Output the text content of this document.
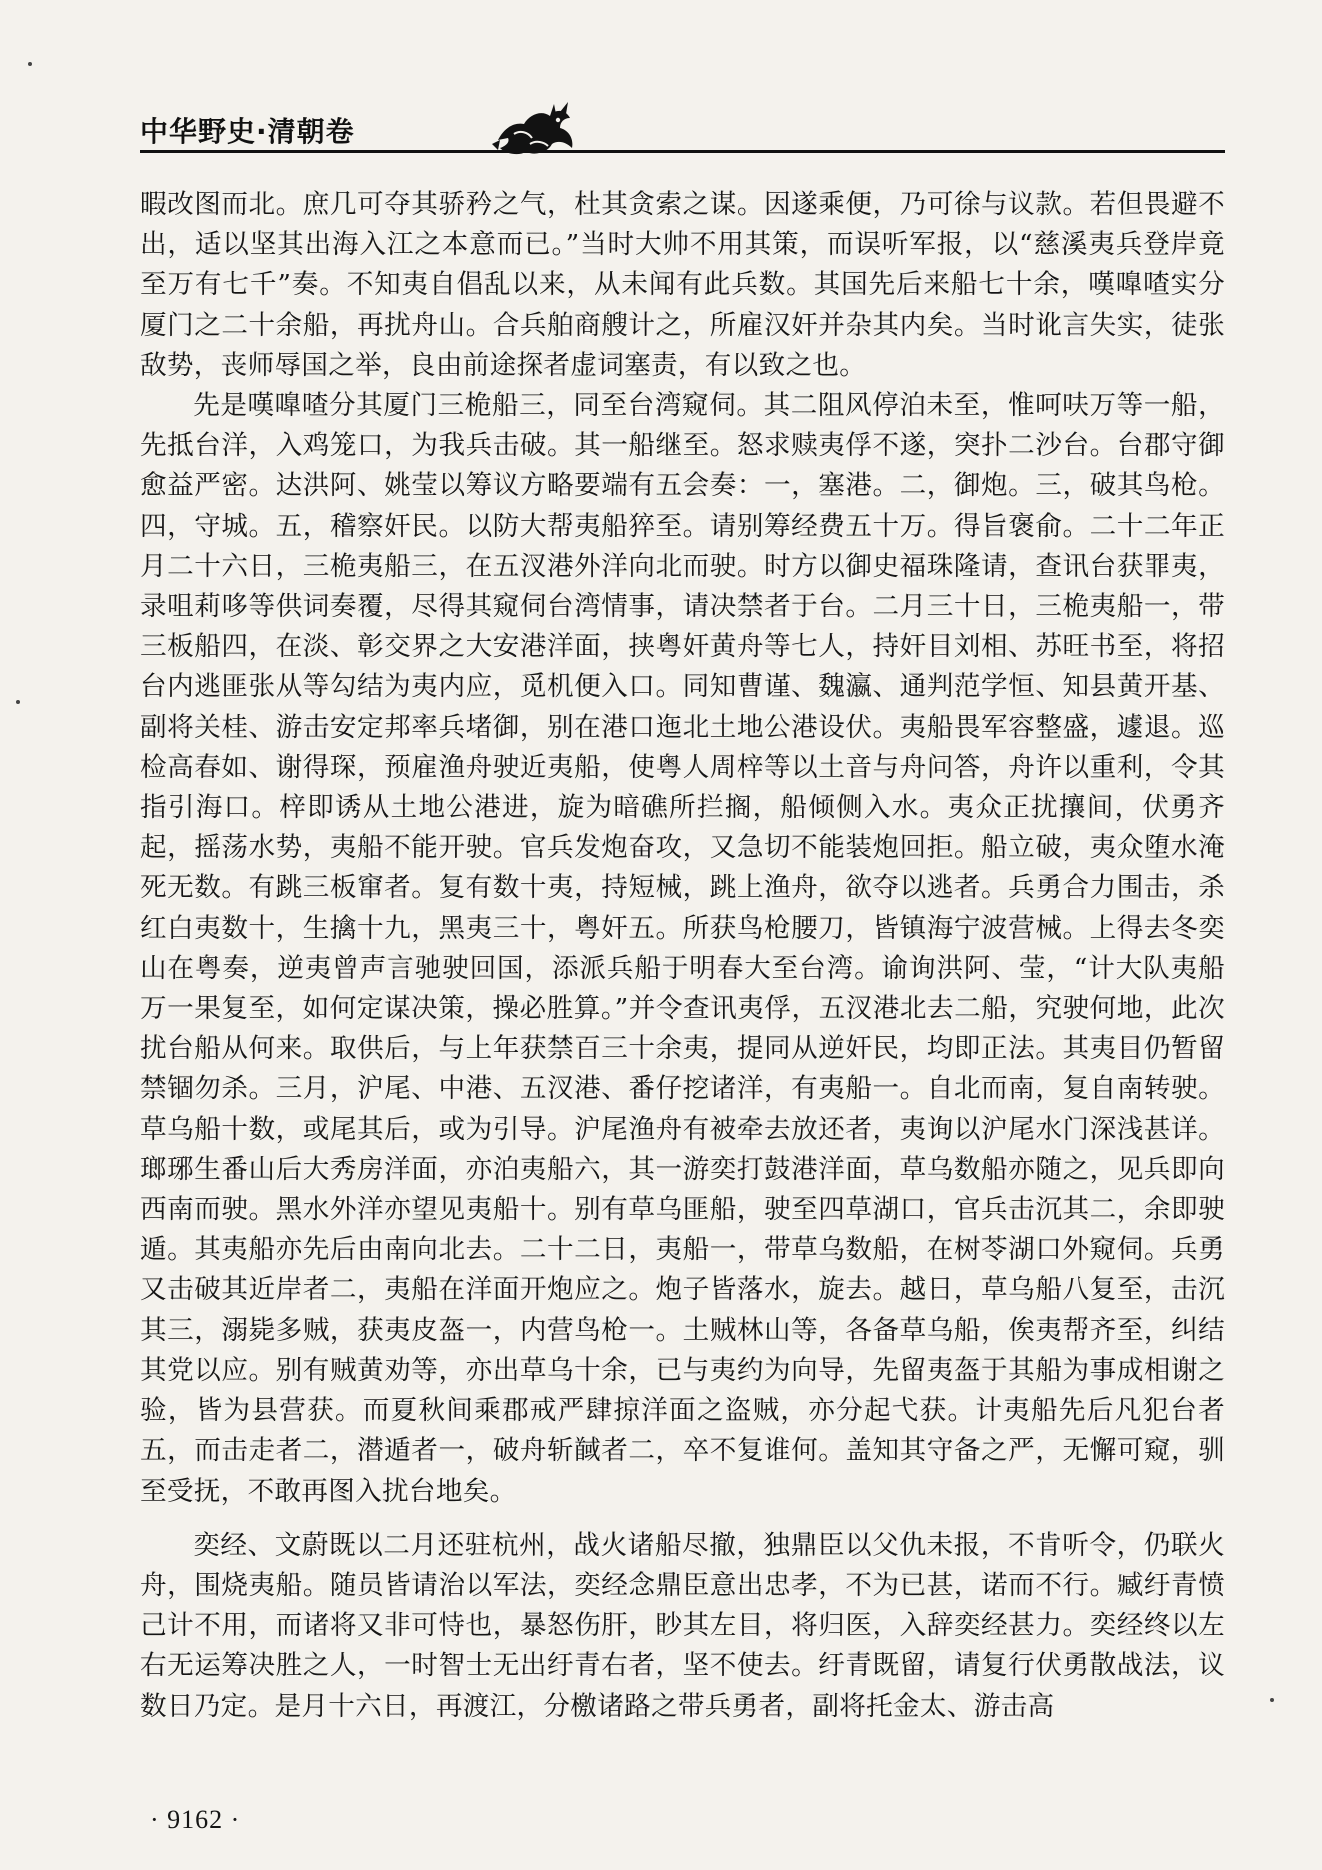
中华野史·清朝卷

暇改图而北。庶几可夺其骄矜之气，杜其贪索之谋。因遂乘便，乃可徐与议款。若但畏避不出，适以坚其出海入江之本意而已。”当时大帅不用其策，而误听军报，以“慈溪夷兵登岸竟至万有七千”奏。不知夷自倡乱以来，从未闻有此兵数。其国先后来船七十余，嘆嘷喳实分厦门之二十余船，再扰舟山。合兵舶商艘计之，所雇汉奸并杂其内矣。当时讹言失实，徒张敌势，丧师辱国之举，良由前途探者虚词塞责，有以致之也。

先是嘆嘷喳分其厦门三桅船三，同至台湾窥伺。其二阻风停泊未至，惟呵呋万等一船，先抵台洋，入鸡笼口，为我兵击破。其一船继至。怒求赎夷俘不遂，突扑二沙台。台郡守御愈益严密。达洪阿、姚莹以筹议方略要端有五会奏：一，塞港。二，御炮。三，破其鸟枪。四，守城。五，稽察奸民。以防大帮夷船猝至。请别筹经费五十万。得旨褒俞。二十二年正月二十六日，三桅夷船三，在五汊港外洋向北而驶。时方以御史福珠隆请，查讯台获罪夷，录咀莉哆等供词奏覆，尽得其窥伺台湾情事，请决禁者于台。二月三十日，三桅夷船一，带三板船四，在淡、彰交界之大安港洋面，挟粤奸黄舟等七人，持奸目刘相、苏旺书至，将招台内逃匪张从等勾结为夷内应，觅机便入口。同知曹谨、魏瀛、通判范学恒、知县黄开基、副将关桂、游击安定邦率兵堵御，别在港口迤北土地公港设伏。夷船畏军容整盛，遽退。巡检高春如、谢得琛，预雇渔舟驶近夷船，使粤人周梓等以土音与舟问答，舟许以重利，令其指引海口。梓即诱从土地公港进，旋为暗礁所拦搁，船倾侧入水。夷众正扰攘间，伏勇齐起，摇荡水势，夷船不能开驶。官兵发炮奋攻，又急切不能装炮回拒。船立破，夷众堕水淹死无数。有跳三板窜者。复有数十夷，持短械，跳上渔舟，欲夺以逃者。兵勇合力围击，杀红白夷数十，生擒十九，黑夷三十，粤奸五。所获鸟枪腰刀，皆镇海宁波营械。上得去冬奕山在粤奏，逆夷曾声言驰驶回国，添派兵船于明春大至台湾。谕询洪阿、莹，“计大队夷船万一果复至，如何定谋决策，操必胜算。”并令查讯夷俘，五汊港北去二船，究驶何地，此次扰台船从何来。取供后，与上年获禁百三十余夷，提同从逆奸民，均即正法。其夷目仍暂留禁锢勿杀。三月，沪尾、中港、五汊港、番仔挖诸洋，有夷船一。自北而南，复自南转驶。草乌船十数，或尾其后，或为引导。沪尾渔舟有被牵去放还者，夷询以沪尾水门深浅甚详。瑯琊生番山后大秀房洋面，亦泊夷船六，其一游奕打鼓港洋面，草乌数船亦随之，见兵即向西南而驶。黑水外洋亦望见夷船十。别有草乌匪船，驶至四草湖口，官兵击沉其二，余即驶遁。其夷船亦先后由南向北去。二十二日，夷船一，带草乌数船，在树苓湖口外窥伺。兵勇又击破其近岸者二，夷船在洋面开炮应之。炮子皆落水，旋去。越日，草乌船八复至，击沉其三，溺毙多贼，获夷皮盔一，内营鸟枪一。土贼林山等，各备草乌船，俟夷帮齐至，纠结其党以应。别有贼黄劝等，亦出草乌十余，已与夷约为向导，先留夷盔于其船为事成相谢之验，皆为县营获。而夏秋间乘郡戒严肆掠洋面之盗贼，亦分起弋获。计夷船先后凡犯台者五，而击走者二，潜遁者一，破舟斩馘者二，卒不复谁何。盖知其守备之严，无懈可窥，驯至受抚，不敢再图入扰台地矣。

奕经、文蔚既以二月还驻杭州，战火诸船尽撤，独鼎臣以父仇未报，不肯听令，仍联火舟，围烧夷船。随员皆请治以军法，奕经念鼎臣意出忠孝，不为已甚，诺而不行。臧纡青愤己计不用，而诸将又非可恃也，暴怒伤肝，眇其左目，将归医，入辞奕经甚力。奕经终以左右无运筹决胜之人，一时智士无出纡青右者，坚不使去。纡青既留，请复行伏勇散战法，议数日乃定。是月十六日，再渡江，分檄诸路之带兵勇者，副将托金太、游击高

· 9162 ·
